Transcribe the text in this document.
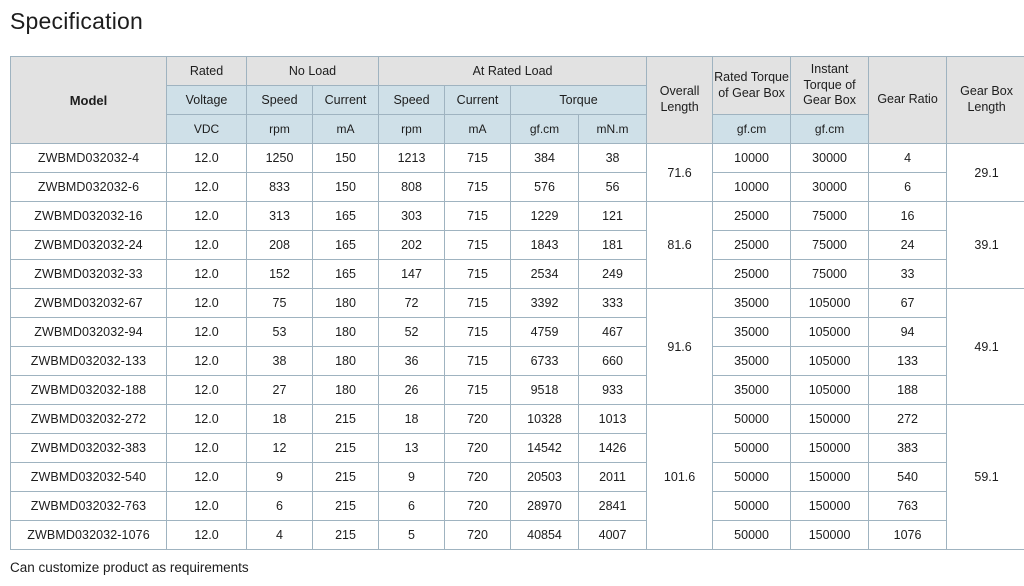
Specification
Model	Rated	No Load		At Rated Load				Overall Length	Rated Torque of Gear Box	Instant Torque of Gear Box	Gear Ratio	Gear Box Length
	Voltage	Speed	Current	Speed	Current	Torque						
	VDC	rpm	mA	rpm	mA	gf.cm	mN.m		gf.cm	gf.cm		
ZWBMD032032-4	12.0	1250	150	1213	715	384	38	71.6	10000	30000	4	29.1
ZWBMD032032-6	12.0	833	150	808	715	576	56		10000	30000	6	
ZWBMD032032-16	12.0	313	165	303	715	1229	121	81.6	25000	75000	16	39.1
ZWBMD032032-24	12.0	208	165	202	715	1843	181		25000	75000	24	
ZWBMD032032-33	12.0	152	165	147	715	2534	249		25000	75000	33	
ZWBMD032032-67	12.0	75	180	72	715	3392	333	91.6	35000	105000	67	49.1
ZWBMD032032-94	12.0	53	180	52	715	4759	467		35000	105000	94	
ZWBMD032032-133	12.0	38	180	36	715	6733	660		35000	105000	133	
ZWBMD032032-188	12.0	27	180	26	715	9518	933		35000	105000	188	
ZWBMD032032-272	12.0	18	215	18	720	10328	1013	101.6	50000	150000	272	59.1
ZWBMD032032-383	12.0	12	215	13	720	14542	1426		50000	150000	383	
ZWBMD032032-540	12.0	9	215	9	720	20503	2011		50000	150000	540	
ZWBMD032032-763	12.0	6	215	6	720	28970	2841		50000	150000	763	
ZWBMD032032-1076	12.0	4	215	5	720	40854	4007		50000	150000	1076	
Can customize product as requirements
